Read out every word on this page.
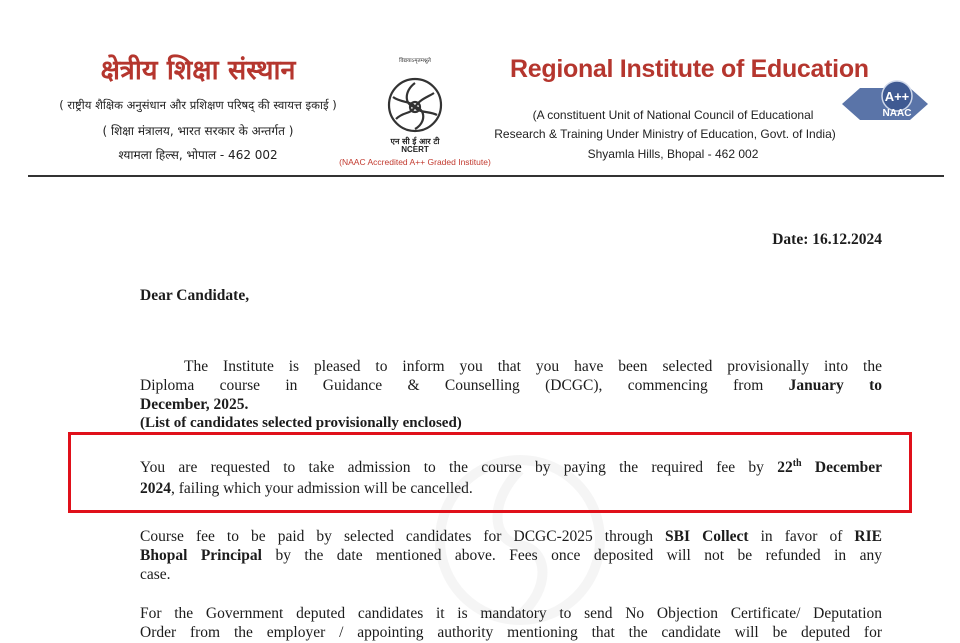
क्षेत्रीय शिक्षा संस्थान
( राष्ट्रीय शैक्षिक अनुसंधान और प्रशिक्षण परिषद् की स्वायत्त इकाई )
( शिक्षा मंत्रालय, भारत सरकार के अन्तर्गत )
श्यामला हिल्स, भोपाल - 462 002
विद्ययाऽमृतमश्नुते
एन सी ई आर टी
NCERT
(NAAC Accredited A++ Graded Institute)
Regional Institute of Education
(A constituent Unit of National Council of Educational
Research & Training Under Ministry of Education, Govt. of India)
Shyamla Hills, Bhopal - 462 002
A++
NAAC
Date: 16.12.2024
Dear Candidate,
The Institute is pleased to inform you that you have been selected provisionally into the
Diploma course in Guidance & Counselling (DCGC), commencing from January to
December, 2025.
(List of candidates selected provisionally enclosed)
You are requested to take admission to the course by paying the required fee by 22th December
2024, failing which your admission will be cancelled.
Course fee to be paid by selected candidates for DCGC-2025 through SBI Collect in favor of RIE
Bhopal Principal by the date mentioned above. Fees once deposited will not be refunded in any
case.
For the Government deputed candidates it is mandatory to send No Objection Certificate/ Deputation
Order from the employer / appointing authority mentioning that the candidate will be deputed for
